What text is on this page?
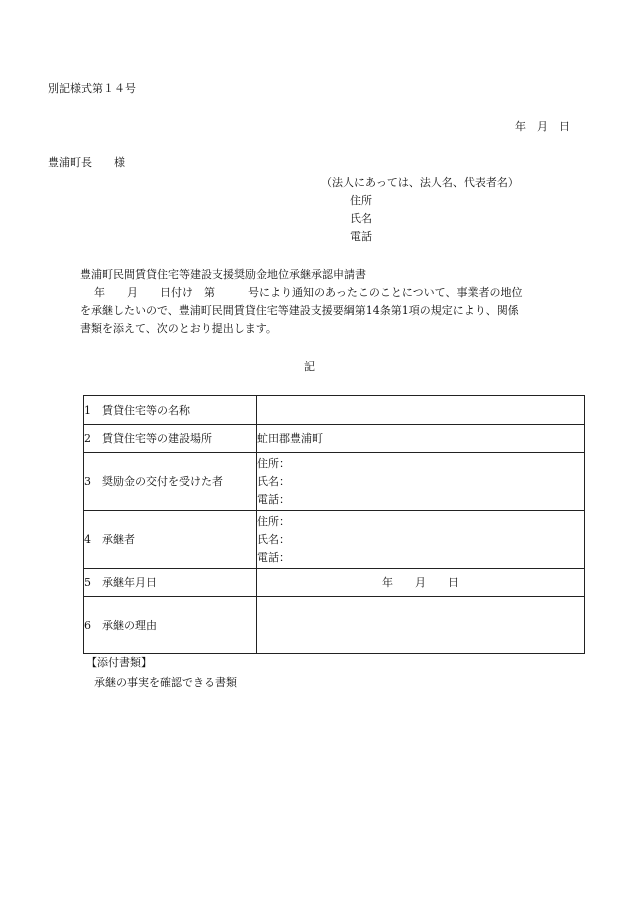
別記様式第１４号
年　月　日
豊浦町長　　様
（法人にあっては、法人名、代表者名）
住所
氏名
電話
豊浦町民間賃貸住宅等建設支援奨励金地位承継承認申請書
年　　月　　日付け　第　　　号により通知のあったこのことについて、事業者の地位
を承継したいので、豊浦町民間賃貸住宅等建設支援要綱第14条第1項の規定により、関係
書類を添えて、次のとおり提出します。
記
1　賃貸住宅等の名称	
2　賃貸住宅等の建設場所	虻田郡豊浦町
3　奨励金の交付を受けた者	住所：
氏名：
電話：

4　承継者	住所：
氏名：
電話：

5　承継年月日	年　　月　　日
6　承継の理由	
【添付書類】
承継の事実を確認できる書類
